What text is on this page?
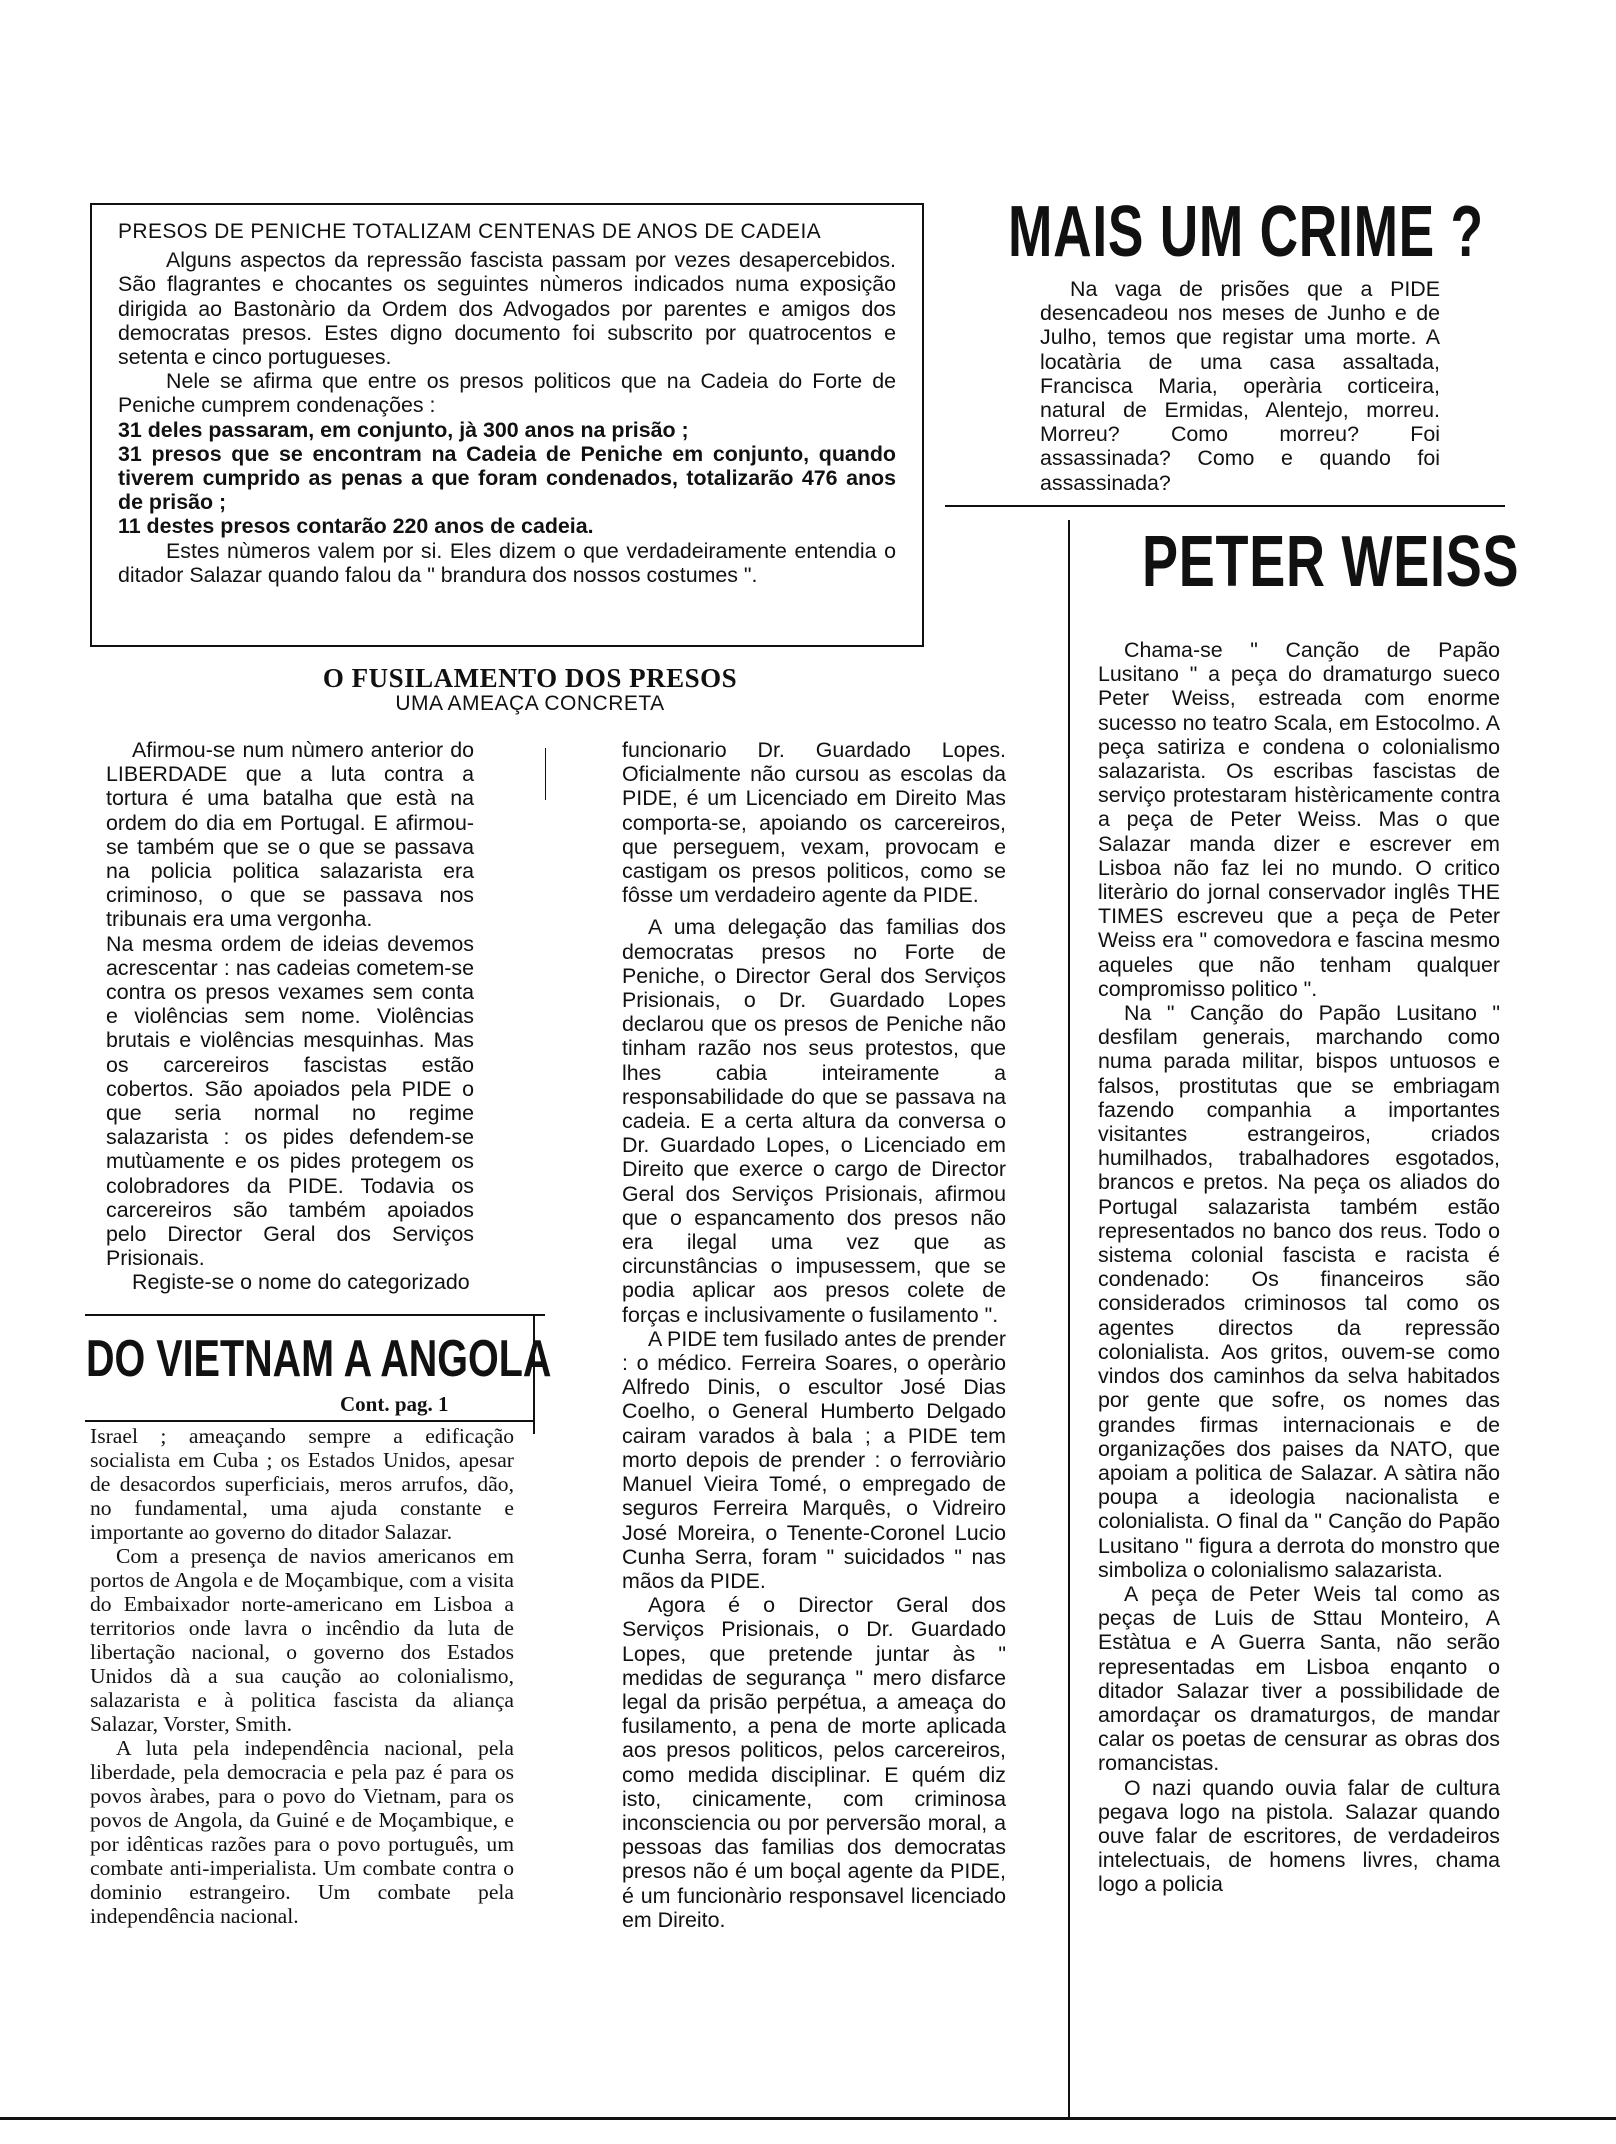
PRESOS DE PENICHE TOTALIZAM CENTENAS DE ANOS DE CADEIA

Alguns aspectos da repressão fascista passam por vezes desapercebidos. São flagrantes e chocantes os seguintes nùmeros indicados numa exposição dirigida ao Bastonàrio da Ordem dos Advogados por parentes e amigos dos democratas presos. Estes digno documento foi subscrito por quatrocentos e setenta e cinco portugueses.

Nele se afirma que entre os presos politicos que na Cadeia do Forte de Peniche cumprem condenações :

31 deles passaram, em conjunto, jà 300 anos na prisão ;

31 presos que se encontram na Cadeia de Peniche em conjunto, quando tiverem cumprido as penas a que foram condenados, totalizarão 476 anos de prisão ;

11 destes presos contarão 220 anos de cadeia.

Estes nùmeros valem por si. Eles dizem o que verdadeiramente entendia o ditador Salazar quando falou da " brandura dos nossos costumes ".

MAIS UM CRIME ?

Na vaga de prisões que a PIDE desencadeou nos meses de Junho e de Julho, temos que registar uma morte. A locatària de uma casa assaltada, Francisca Maria, operària corticeira, natural de Ermidas, Alentejo, morreu. Morreu? Como morreu? Foi assassinada? Como e quando foi assassinada?

PETER WEISS

Chama-se " Canção de Papão Lusitano " a peça do dramaturgo sueco Peter Weiss, estreada com enorme sucesso no teatro Scala, em Estocolmo. A peça satiriza e condena o colonialismo salazarista. Os escribas fascistas de serviço protestaram histèricamente contra a peça de Peter Weiss. Mas o que Salazar manda dizer e escrever em Lisboa não faz lei no mundo. O critico literàrio do jornal conservador inglês THE TIMES escreveu que a peça de Peter Weiss era " comovedora e fascina mesmo aqueles que não tenham qualquer compromisso politico ".

Na " Canção do Papão Lusitano " desfilam generais, marchando como numa parada militar, bispos untuosos e falsos, prostitutas que se embriagam fazendo companhia a importantes visitantes estrangeiros, criados humilhados, trabalhadores esgotados, brancos e pretos. Na peça os aliados do Portugal salazarista também estão representados no banco dos reus. Todo o sistema colonial fascista e racista é condenado: Os financeiros são considerados criminosos tal como os agentes directos da repressão colonialista. Aos gritos, ouvem-se como vindos dos caminhos da selva habitados por gente que sofre, os nomes das grandes firmas internacionais e de organizações dos paises da NATO, que apoiam a politica de Salazar. A sàtira não poupa a ideologia nacionalista e colonialista. O final da " Canção do Papão Lusitano " figura a derrota do monstro que simboliza o colonialismo salazarista.

A peça de Peter Weis tal como as peças de Luis de Sttau Monteiro, A Estàtua e A Guerra Santa, não serão representadas em Lisboa enqanto o ditador Salazar tiver a possibilidade de amordaçar os dramaturgos, de mandar calar os poetas de censurar as obras dos romancistas.

O nazi quando ouvia falar de cultura pegava logo na pistola. Salazar quando ouve falar de escritores, de verdadeiros intelectuais, de homens livres, chama logo a policia

O FUSILAMENTO DOS PRESOS
UMA AMEAÇA CONCRETA

Afirmou-se num nùmero anterior do LIBERDADE que a luta contra a tortura é uma batalha que està na ordem do dia em Portugal. E afirmou-se também que se o que se passava na policia politica salazarista era criminoso, o que se passava nos tribunais era uma vergonha.

Na mesma ordem de ideias devemos acrescentar : nas cadeias cometem-se contra os presos vexames sem conta e violências sem nome. Violências brutais e violências mesquinhas. Mas os carcereiros fascistas estão cobertos. São apoiados pela PIDE o que seria normal no regime salazarista : os pides defendem-se mutùamente e os pides protegem os colobradores da PIDE. Todavia os carcereiros são também apoiados pelo Director Geral dos Serviços Prisionais.

Registe-se o nome do categorizado

funcionario Dr. Guardado Lopes. Oficialmente não cursou as escolas da PIDE, é um Licenciado em Direito Mas comporta-se, apoiando os carcereiros, que perseguem, vexam, provocam e castigam os presos politicos, como se fôsse um verdadeiro agente da PIDE.

A uma delegação das familias dos democratas presos no Forte de Peniche, o Director Geral dos Serviços Prisionais, o Dr. Guardado Lopes declarou que os presos de Peniche não tinham razão nos seus protestos, que lhes cabia inteiramente a responsabilidade do que se passava na cadeia. E a certa altura da conversa o Dr. Guardado Lopes, o Licenciado em Direito que exerce o cargo de Director Geral dos Serviços Prisionais, afirmou que o espancamento dos presos não era ilegal uma vez que as circunstâncias o impusessem, que se podia aplicar aos presos colete de forças e inclusivamente o fusilamento ".

A PIDE tem fusilado antes de prender : o médico. Ferreira Soares, o operàrio Alfredo Dinis, o escultor José Dias Coelho, o General Humberto Delgado cairam varados à bala ; a PIDE tem morto depois de prender : o ferroviàrio Manuel Vieira Tomé, o empregado de seguros Ferreira Marquês, o Vidreiro José Moreira, o Tenente-Coronel Lucio Cunha Serra, foram " suicidados " nas mãos da PIDE.

Agora é o Director Geral dos Serviços Prisionais, o Dr. Guardado Lopes, que pretende juntar às " medidas de segurança " mero disfarce legal da prisão perpétua, a ameaça do fusilamento, a pena de morte aplicada aos presos politicos, pelos carcereiros, como medida disciplinar. E quém diz isto, cinicamente, com criminosa inconsciencia ou por perversão moral, a pessoas das familias dos democratas presos não é um boçal agente da PIDE, é um funcionàrio responsavel licenciado em Direito.

DO VIETNAM A ANGOLA
Cont. pag. 1

Israel ; ameaçando sempre a edificação socialista em Cuba ; os Estados Unidos, apesar de desacordos superficiais, meros arrufos, dão, no fundamental, uma ajuda constante e importante ao governo do ditador Salazar.

Com a presença de navios americanos em portos de Angola e de Moçambique, com a visita do Embaixador norte-americano em Lisboa a territorios onde lavra o incêndio da luta de libertação nacional, o governo dos Estados Unidos dà a sua caução ao colonialismo, salazarista e à politica fascista da aliança Salazar, Vorster, Smith.

A luta pela independência nacional, pela liberdade, pela democracia e pela paz é para os povos àrabes, para o povo do Vietnam, para os povos de Angola, da Guiné e de Moçambique, e por idênticas razões para o povo português, um combate anti-imperialista. Um combate contra o dominio estrangeiro. Um combate pela independência nacional.
